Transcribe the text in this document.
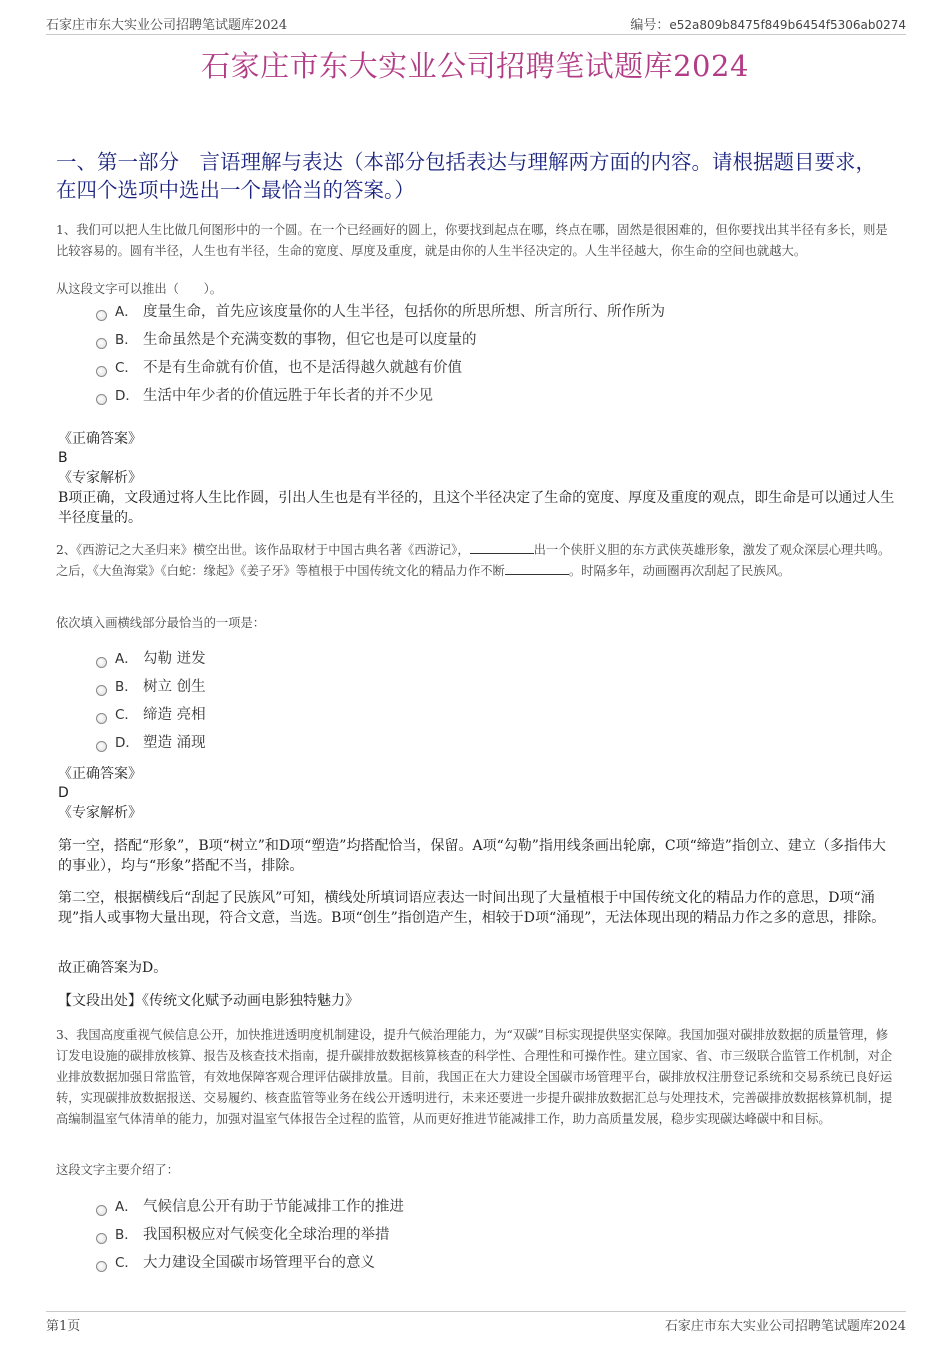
石家庄市东大实业公司招聘笔试题库2024	编号：e52a809b8475f849b6454f5306ab0274
石家庄市东大实业公司招聘笔试题库2024
一、第一部分　言语理解与表达（本部分包括表达与理解两方面的内容。请根据题目要求，在四个选项中选出一个最恰当的答案。）
1、我们可以把人生比做几何图形中的一个圆。在一个已经画好的圆上，你要找到起点在哪，终点在哪，固然是很困难的，但你要找出其半径有多长，则是比较容易的。圆有半径，人生也有半径，生命的宽度、厚度及重度，就是由你的人生半径决定的。人生半径越大，你生命的空间也就越大。
从这段文字可以推出（　　）。
A． 度量生命，首先应该度量你的人生半径，包括你的所思所想、所言所行、所作所为
B． 生命虽然是个充满变数的事物，但它也是可以度量的
C． 不是有生命就有价值，也不是活得越久就越有价值
D． 生活中年少者的价值远胜于年长者的并不少见
《正确答案》
B
《专家解析》
B项正确，文段通过将人生比作圆，引出人生也是有半径的，且这个半径决定了生命的宽度、厚度及重度的观点，即生命是可以通过人生半径度量的。
2、《西游记之大圣归来》横空出世。该作品取材于中国古典名著《西游记》，	出一个侠肝义胆的东方武侠英雄形象，激发了观众深层心理共鸣。之后，《大鱼海棠》《白蛇：缘起》《姜子牙》等植根于中国传统文化的精品力作不断	。时隔多年，动画圈再次刮起了民族风。
依次填入画横线部分最恰当的一项是：
A． 勾勒 迸发
B． 树立 创生
C． 缔造 亮相
D． 塑造 涌现
《正确答案》
D
《专家解析》
第一空，搭配“形象”，B项“树立”和D项“塑造”均搭配恰当，保留。A项“勾勒”指用线条画出轮廓，C项“缔造”指创立、建立（多指伟大的事业），均与“形象”搭配不当，排除。
第二空，根据横线后“刮起了民族风”可知，横线处所填词语应表达一时间出现了大量植根于中国传统文化的精品力作的意思，D项“涌现”指人或事物大量出现，符合文意，当选。B项“创生”指创造产生，相较于D项“涌现”，无法体现出现的精品力作之多的意思，排除。
故正确答案为D。
【文段出处】《传统文化赋予动画电影独特魅力》
3、我国高度重视气候信息公开，加快推进透明度机制建设，提升气候治理能力，为“双碳”目标实现提供坚实保障。我国加强对碳排放数据的质量管理，修订发电设施的碳排放核算、报告及核查技术指南，提升碳排放数据核算核查的科学性、合理性和可操作性。建立国家、省、市三级联合监管工作机制，对企业排放数据加强日常监管，有效地保障客观合理评估碳排放量。目前，我国正在大力建设全国碳市场管理平台，碳排放权注册登记系统和交易系统已良好运转，实现碳排放数据报送、交易履约、核查监管等业务在线公开透明进行，未来还要进一步提升碳排放数据汇总与处理技术，完善碳排放数据核算机制，提高编制温室气体清单的能力，加强对温室气体报告全过程的监管，从而更好推进节能减排工作，助力高质量发展，稳步实现碳达峰碳中和目标。
这段文字主要介绍了：
A． 气候信息公开有助于节能减排工作的推进
B． 我国积极应对气候变化全球治理的举措
C． 大力建设全国碳市场管理平台的意义
第1页	石家庄市东大实业公司招聘笔试题库2024
